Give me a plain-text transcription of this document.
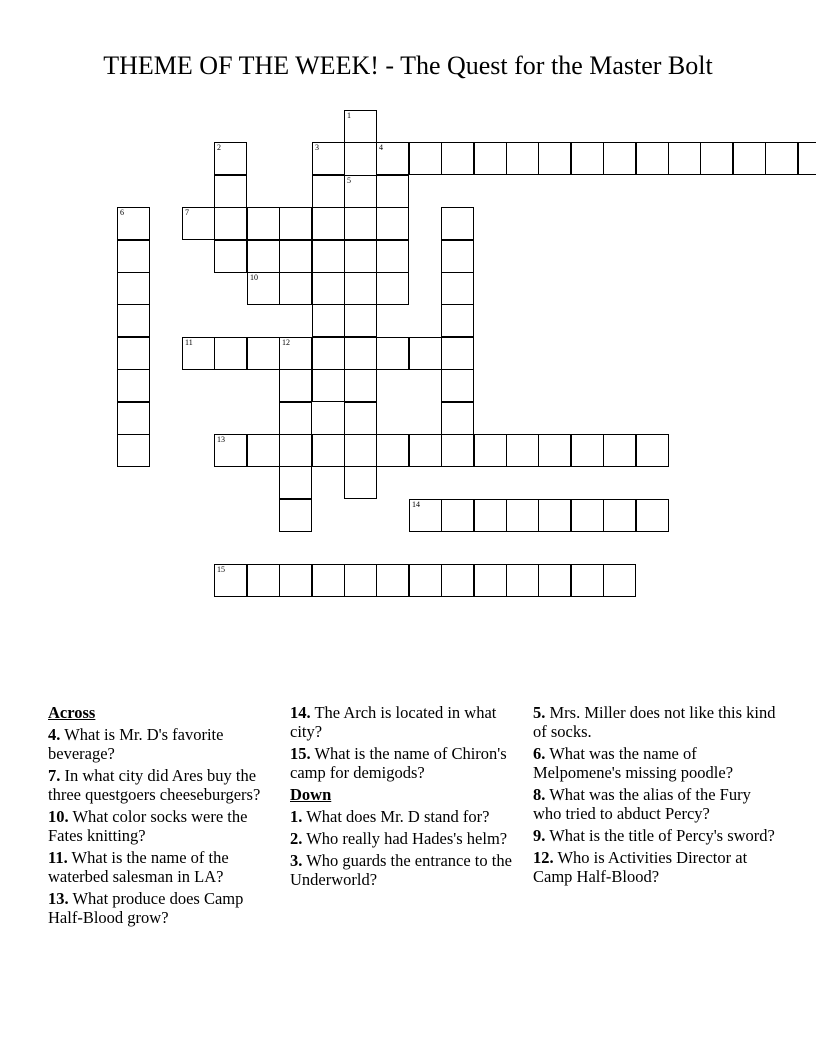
THEME OF THE WEEK! - The Quest for the Master Bolt
1
2	3	4
5
6	7
10
11	12
13
14
15
Across
4. What is Mr. D's favorite beverage?
7. In what city did Ares buy the three questgoers cheeseburgers?
10. What color socks were the Fates knitting?
11. What is the name of the waterbed salesman in LA?
13. What produce does Camp Half-Blood grow?
14. The Arch is located in what city?
15. What is the name of Chiron's camp for demigods?
Down
1. What does Mr. D stand for?
2. Who really had Hades's helm?
3. Who guards the entrance to the Underworld?
5. Mrs. Miller does not like this kind of socks.
6. What was the name of Melpomene's missing poodle?
8. What was the alias of the Fury who tried to abduct Percy?
9. What is the title of Percy's sword?
12. Who is Activities Director at Camp Half-Blood?
